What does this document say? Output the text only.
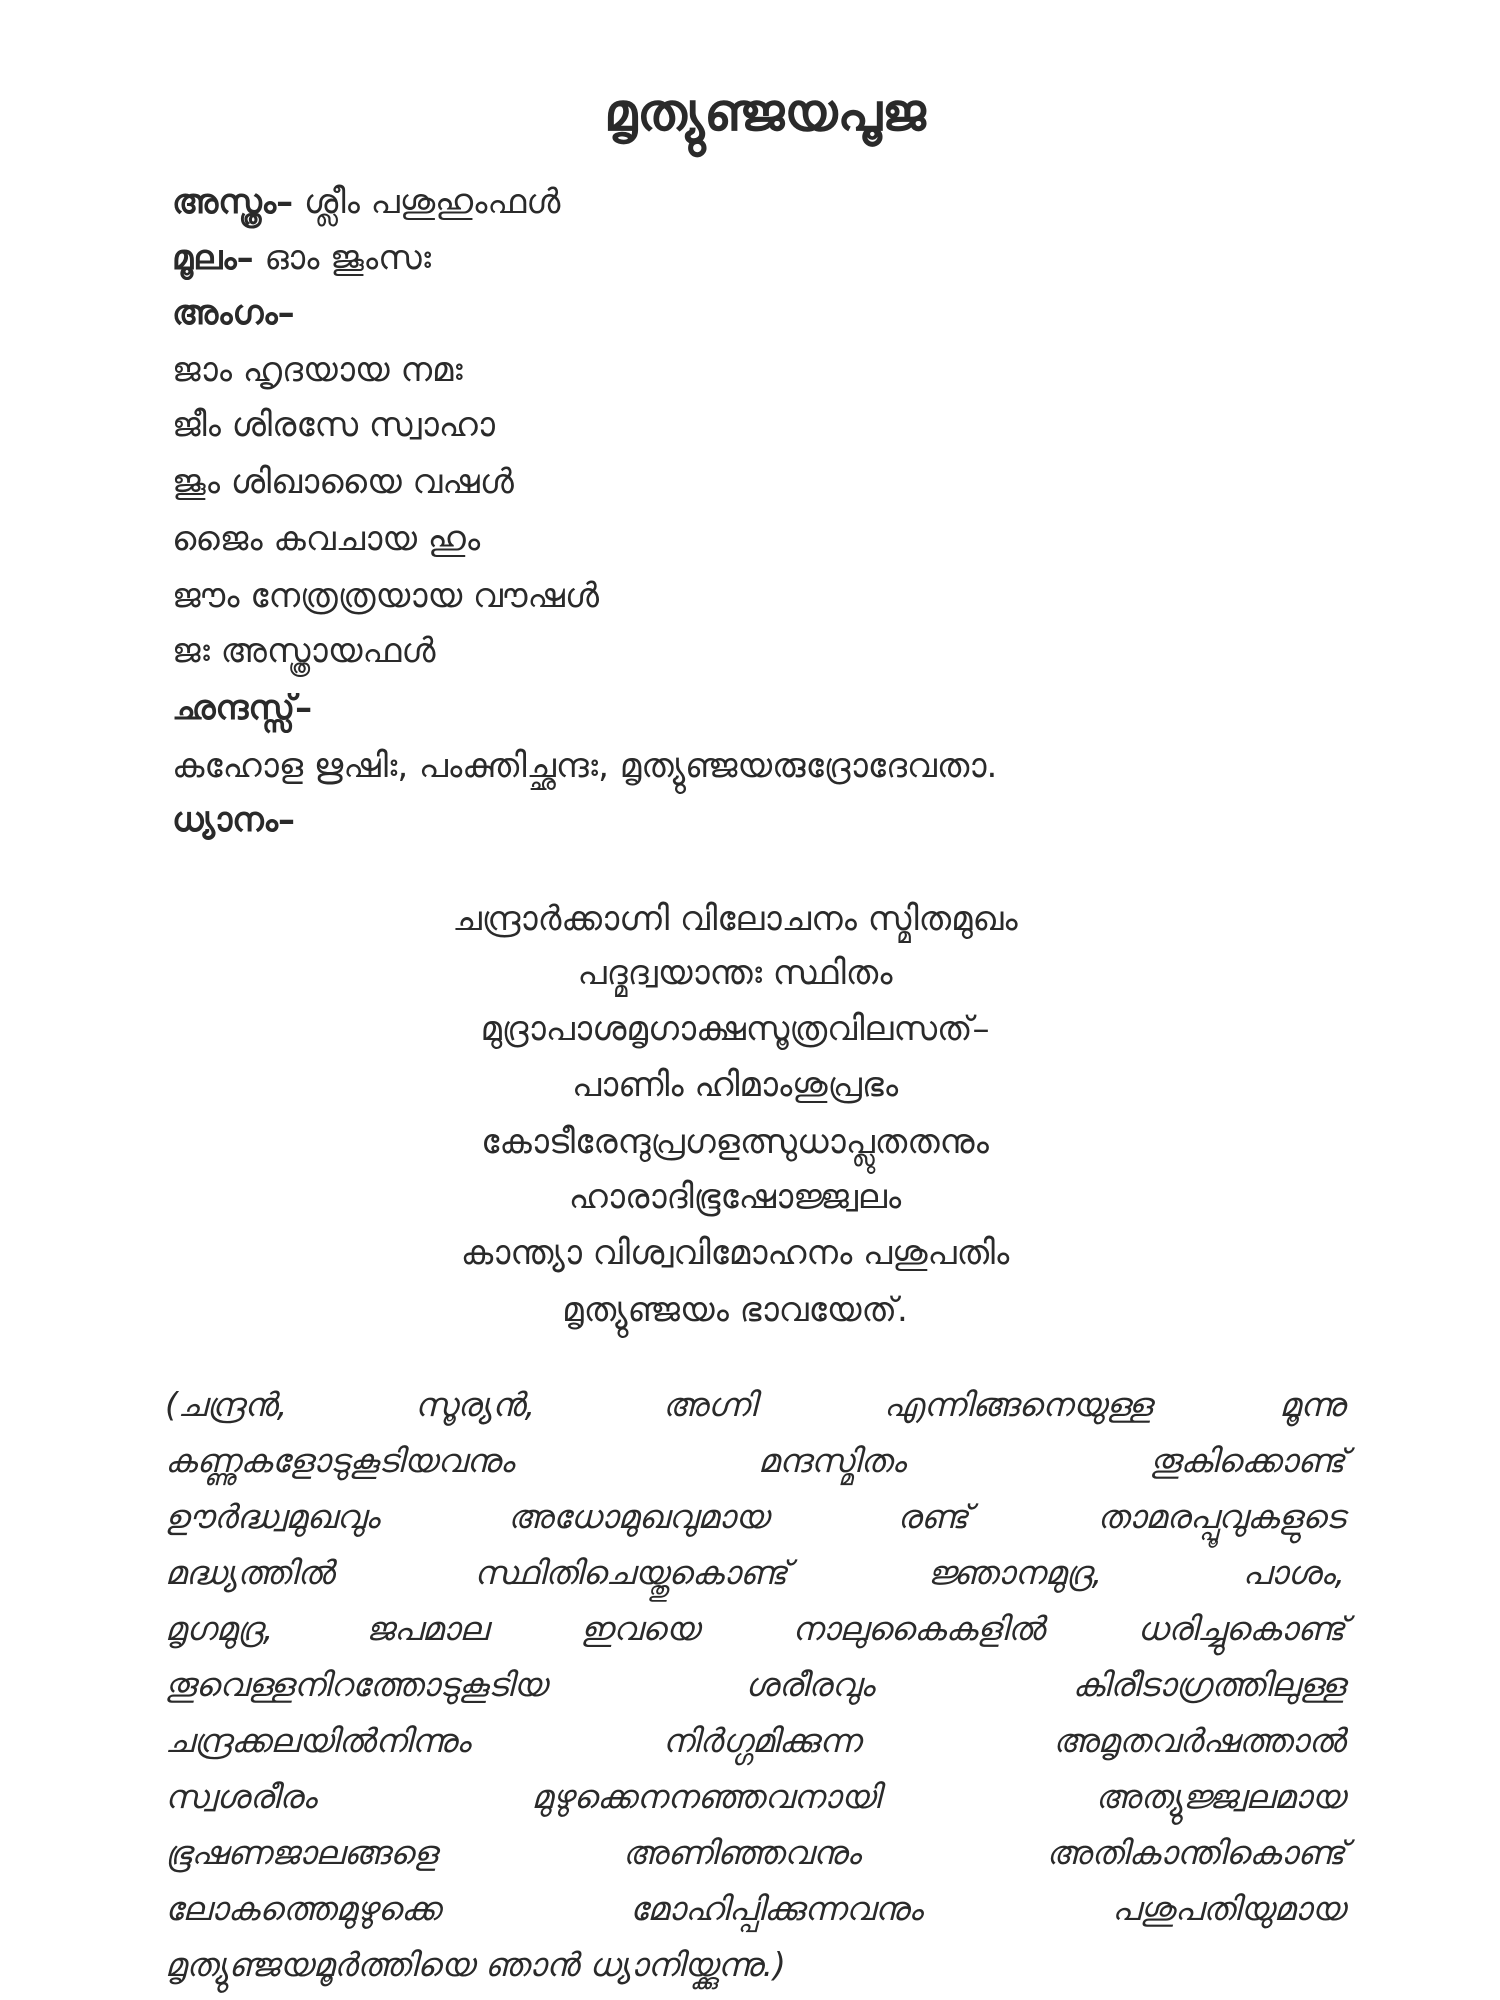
മൃത്യുഞ്ജയപൂജ
അസ്ത്രം– ശ്ലീം പശുഹുംഫൾ
മൂലം– ഓം ജൂംസഃ
അംഗം–
ജാം ഹൃദയായ നമഃ
ജീം ശിരസേ സ്വാഹാ
ജൂം ശിഖായൈ വഷൾ
ജൈം കവചായ ഹും
ജൗം നേത്രത്രയായ വൗഷൾ
ജഃ അസ്ത്രായഫൾ
ഛന്ദസ്സ്–
കഹോള ഋഷിഃ, പംക്തിച്ഛന്ദഃ, മൃത്യുഞ്ജയരുദ്രോദേവതാ.
ധ്യാനം–
ചന്ദ്രാർക്കാഗ്നി വിലോചനം സ്മിതമുഖം
പദ്മദ്വയാന്തഃ സ്ഥിതം
മുദ്രാപാശമൃഗാക്ഷസൂത്രവിലസത്–
പാണിം ഹിമാംശുപ്രഭം
കോടീരേന്ദുപ്രഗളത്സുധാപ്ലുതതനും
ഹാരാദിഭൂഷോജ്ജ്വലം
കാന്ത്യാ വിശ്വവിമോഹനം പശുപതിം
മൃത്യുഞ്ജയം ഭാവയേത്.
(ചന്ദ്രൻ, സൂര്യൻ, അഗ്നി എന്നിങ്ങനെയുള്ള മൂന്നു
കണ്ണുകളോടുകൂടിയവനും മന്ദസ്മിതം തൂകിക്കൊണ്ട്
ഊർദ്ധ്വമുഖവും അധോമുഖവുമായ രണ്ട് താമരപ്പൂവുകളുടെ
മദ്ധ്യത്തിൽ സ്ഥിതിചെയ്തുകൊണ്ട് ജ്ഞാനമുദ്ര, പാശം,
മൃഗമുദ്ര, ജപമാല ഇവയെ നാലുകൈകളിൽ ധരിച്ചുകൊണ്ട്
തൂവെള്ളനിറത്തോടുകൂടിയ ശരീരവും കിരീടാഗ്രത്തിലുള്ള
ചന്ദ്രക്കലയിൽനിന്നും നിർഗ്ഗമിക്കുന്ന അമൃതവർഷത്താൽ
സ്വശരീരം മുഴുക്കെനനഞ്ഞവനായി അത്യുജ്ജ്വലമായ
ഭൂഷണജാലങ്ങളെ അണിഞ്ഞവനും അതികാന്തികൊണ്ട്
ലോകത്തെമുഴുക്കെ മോഹിപ്പിക്കുന്നവനും പശുപതിയുമായ
മൃത്യുഞ്ജയമൂർത്തിയെ ഞാൻ ധ്യാനിയ്ക്കുന്നു.)
